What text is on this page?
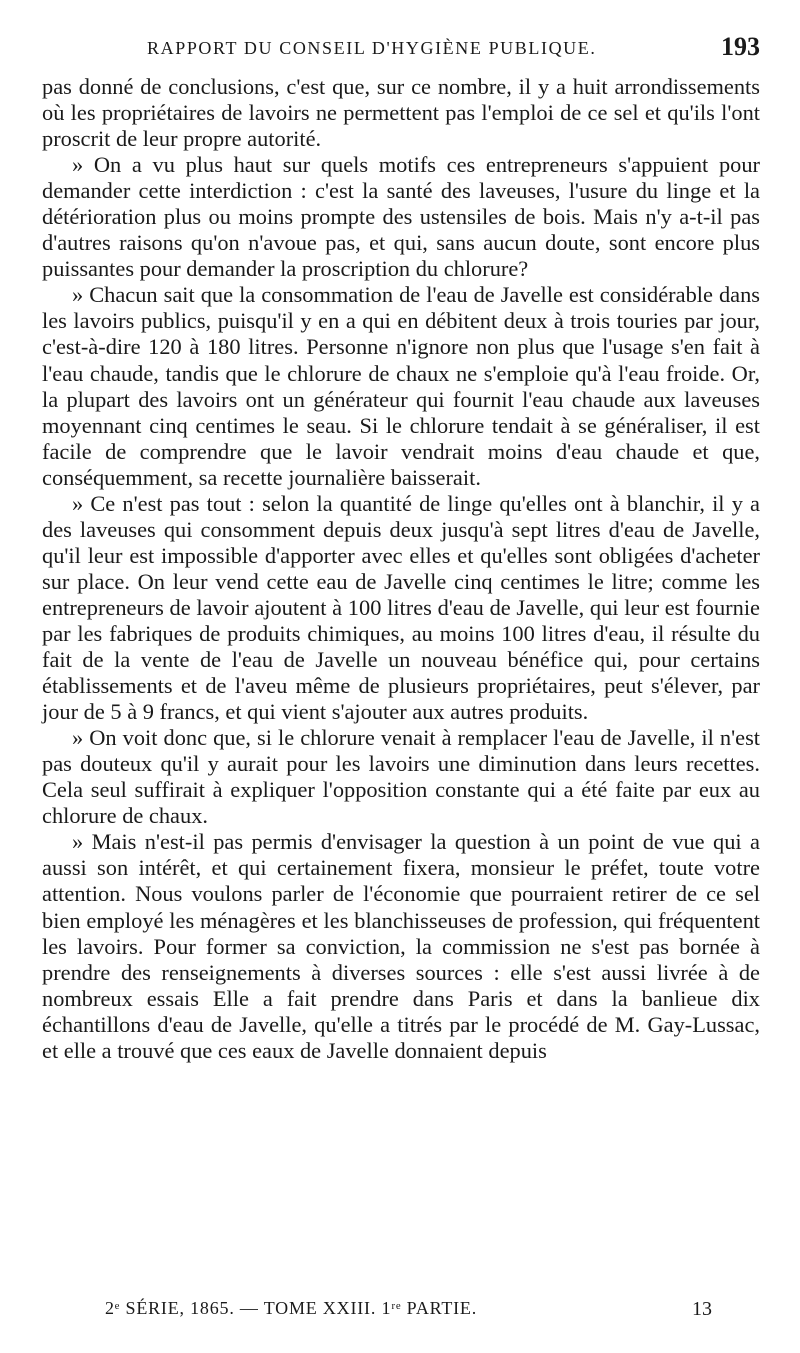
RAPPORT DU CONSEIL D'HYGIÈNE PUBLIQUE.	193

pas donné de conclusions, c'est que, sur ce nombre, il y a huit arrondissements où les propriétaires de lavoirs ne permettent pas l'emploi de ce sel et qu'ils l'ont proscrit de leur propre autorité.

» On a vu plus haut sur quels motifs ces entrepreneurs s'appuient pour demander cette interdiction : c'est la santé des laveuses, l'usure du linge et la détérioration plus ou moins prompte des ustensiles de bois. Mais n'y a-t-il pas d'autres raisons qu'on n'avoue pas, et qui, sans aucun doute, sont encore plus puissantes pour demander la proscription du chlorure?

» Chacun sait que la consommation de l'eau de Javelle est considérable dans les lavoirs publics, puisqu'il y en a qui en débitent deux à trois touries par jour, c'est-à-dire 120 à 180 litres. Personne n'ignore non plus que l'usage s'en fait à l'eau chaude, tandis que le chlorure de chaux ne s'emploie qu'à l'eau froide. Or, la plupart des lavoirs ont un générateur qui fournit l'eau chaude aux laveuses moyennant cinq centimes le seau. Si le chlorure tendait à se généraliser, il est facile de comprendre que le lavoir vendrait moins d'eau chaude et que, conséquemment, sa recette journalière baisserait.

» Ce n'est pas tout : selon la quantité de linge qu'elles ont à blanchir, il y a des laveuses qui consomment depuis deux jusqu'à sept litres d'eau de Javelle, qu'il leur est impossible d'apporter avec elles et qu'elles sont obligées d'acheter sur place. On leur vend cette eau de Javelle cinq centimes le litre; comme les entrepreneurs de lavoir ajoutent à 100 litres d'eau de Javelle, qui leur est fournie par les fabriques de produits chimiques, au moins 100 litres d'eau, il résulte du fait de la vente de l'eau de Javelle un nouveau bénéfice qui, pour certains établissements et de l'aveu même de plusieurs propriétaires, peut s'élever, par jour de 5 à 9 francs, et qui vient s'ajouter aux autres produits.

» On voit donc que, si le chlorure venait à remplacer l'eau de Javelle, il n'est pas douteux qu'il y aurait pour les lavoirs une diminution dans leurs recettes. Cela seul suffirait à expliquer l'opposition constante qui a été faite par eux au chlorure de chaux.

» Mais n'est-il pas permis d'envisager la question à un point de vue qui a aussi son intérêt, et qui certainement fixera, monsieur le préfet, toute votre attention. Nous voulons parler de l'économie que pourraient retirer de ce sel bien employé les ménagères et les blanchisseuses de profession, qui fréquentent les lavoirs. Pour former sa conviction, la commission ne s'est pas bornée à prendre des renseignements à diverses sources : elle s'est aussi livrée à de nombreux essais Elle a fait prendre dans Paris et dans la banlieue dix échantillons d'eau de Javelle, qu'elle a titrés par le procédé de M. Gay-Lussac, et elle a trouvé que ces eaux de Javelle donnaient depuis

2ᵉ SÉRIE, 1865. — TOME XXIII. 1ʳᵉ PARTIE.	13
